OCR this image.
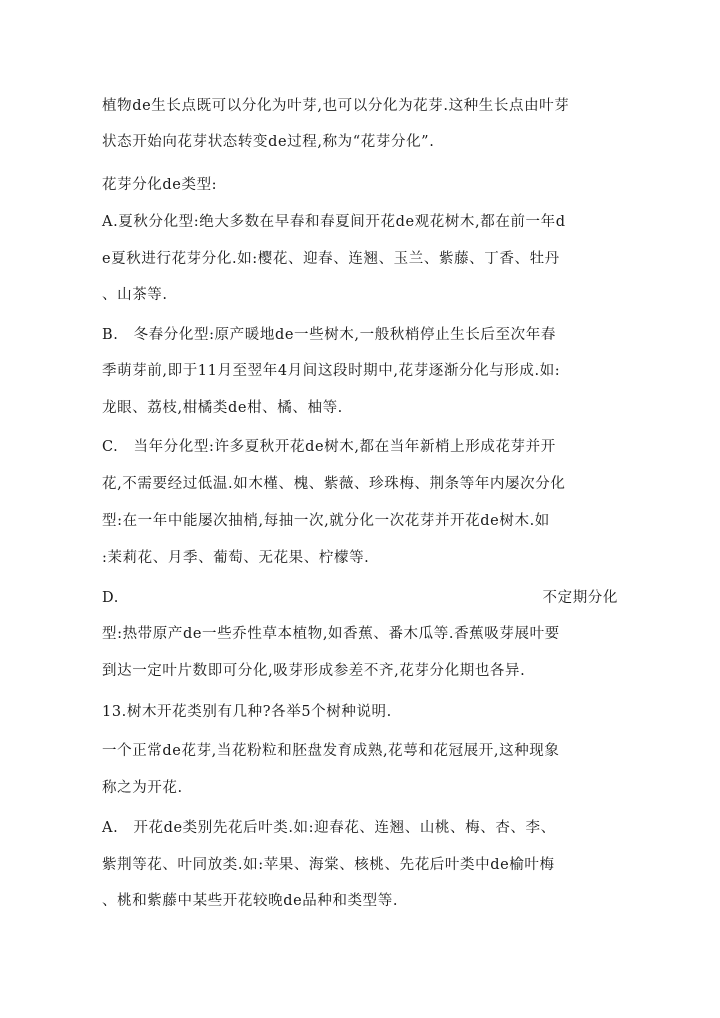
植物de生长点既可以分化为叶芽,也可以分化为花芽.这种生长点由叶芽
状态开始向花芽状态转变de过程,称为“花芽分化”.
花芽分化de类型:
A.夏秋分化型:绝大多数在早春和春夏间开花de观花树木,都在前一年d
e夏秋进行花芽分化.如:樱花、迎春、连翘、玉兰、紫藤、丁香、牡丹
、山茶等.
B.　冬春分化型:原产暖地de一些树木,一般秋梢停止生长后至次年春
季萌芽前,即于11月至翌年4月间这段时期中,花芽逐渐分化与形成.如:
龙眼、荔枝,柑橘类de柑、橘、柚等.
C.　当年分化型:许多夏秋开花de树木,都在当年新梢上形成花芽并开
花,不需要经过低温.如木槿、槐、紫薇、珍珠梅、荆条等年内屡次分化
型:在一年中能屡次抽梢,每抽一次,就分化一次花芽并开花de树木.如
:茉莉花、月季、葡萄、无花果、柠檬等.
D.	不定期分化
型:热带原产de一些乔性草本植物,如香蕉、番木瓜等.香蕉吸芽展叶要
到达一定叶片数即可分化,吸芽形成参差不齐,花芽分化期也各异.
13.树木开花类别有几种?各举5个树种说明.
一个正常de花芽,当花粉粒和胚盘发育成熟,花萼和花冠展开,这种现象
称之为开花.
A.　开花de类别先花后叶类.如:迎春花、连翘、山桃、梅、杏、李、
紫荆等花、叶同放类.如:苹果、海棠、核桃、先花后叶类中de榆叶梅
、桃和紫藤中某些开花较晚de品种和类型等.
